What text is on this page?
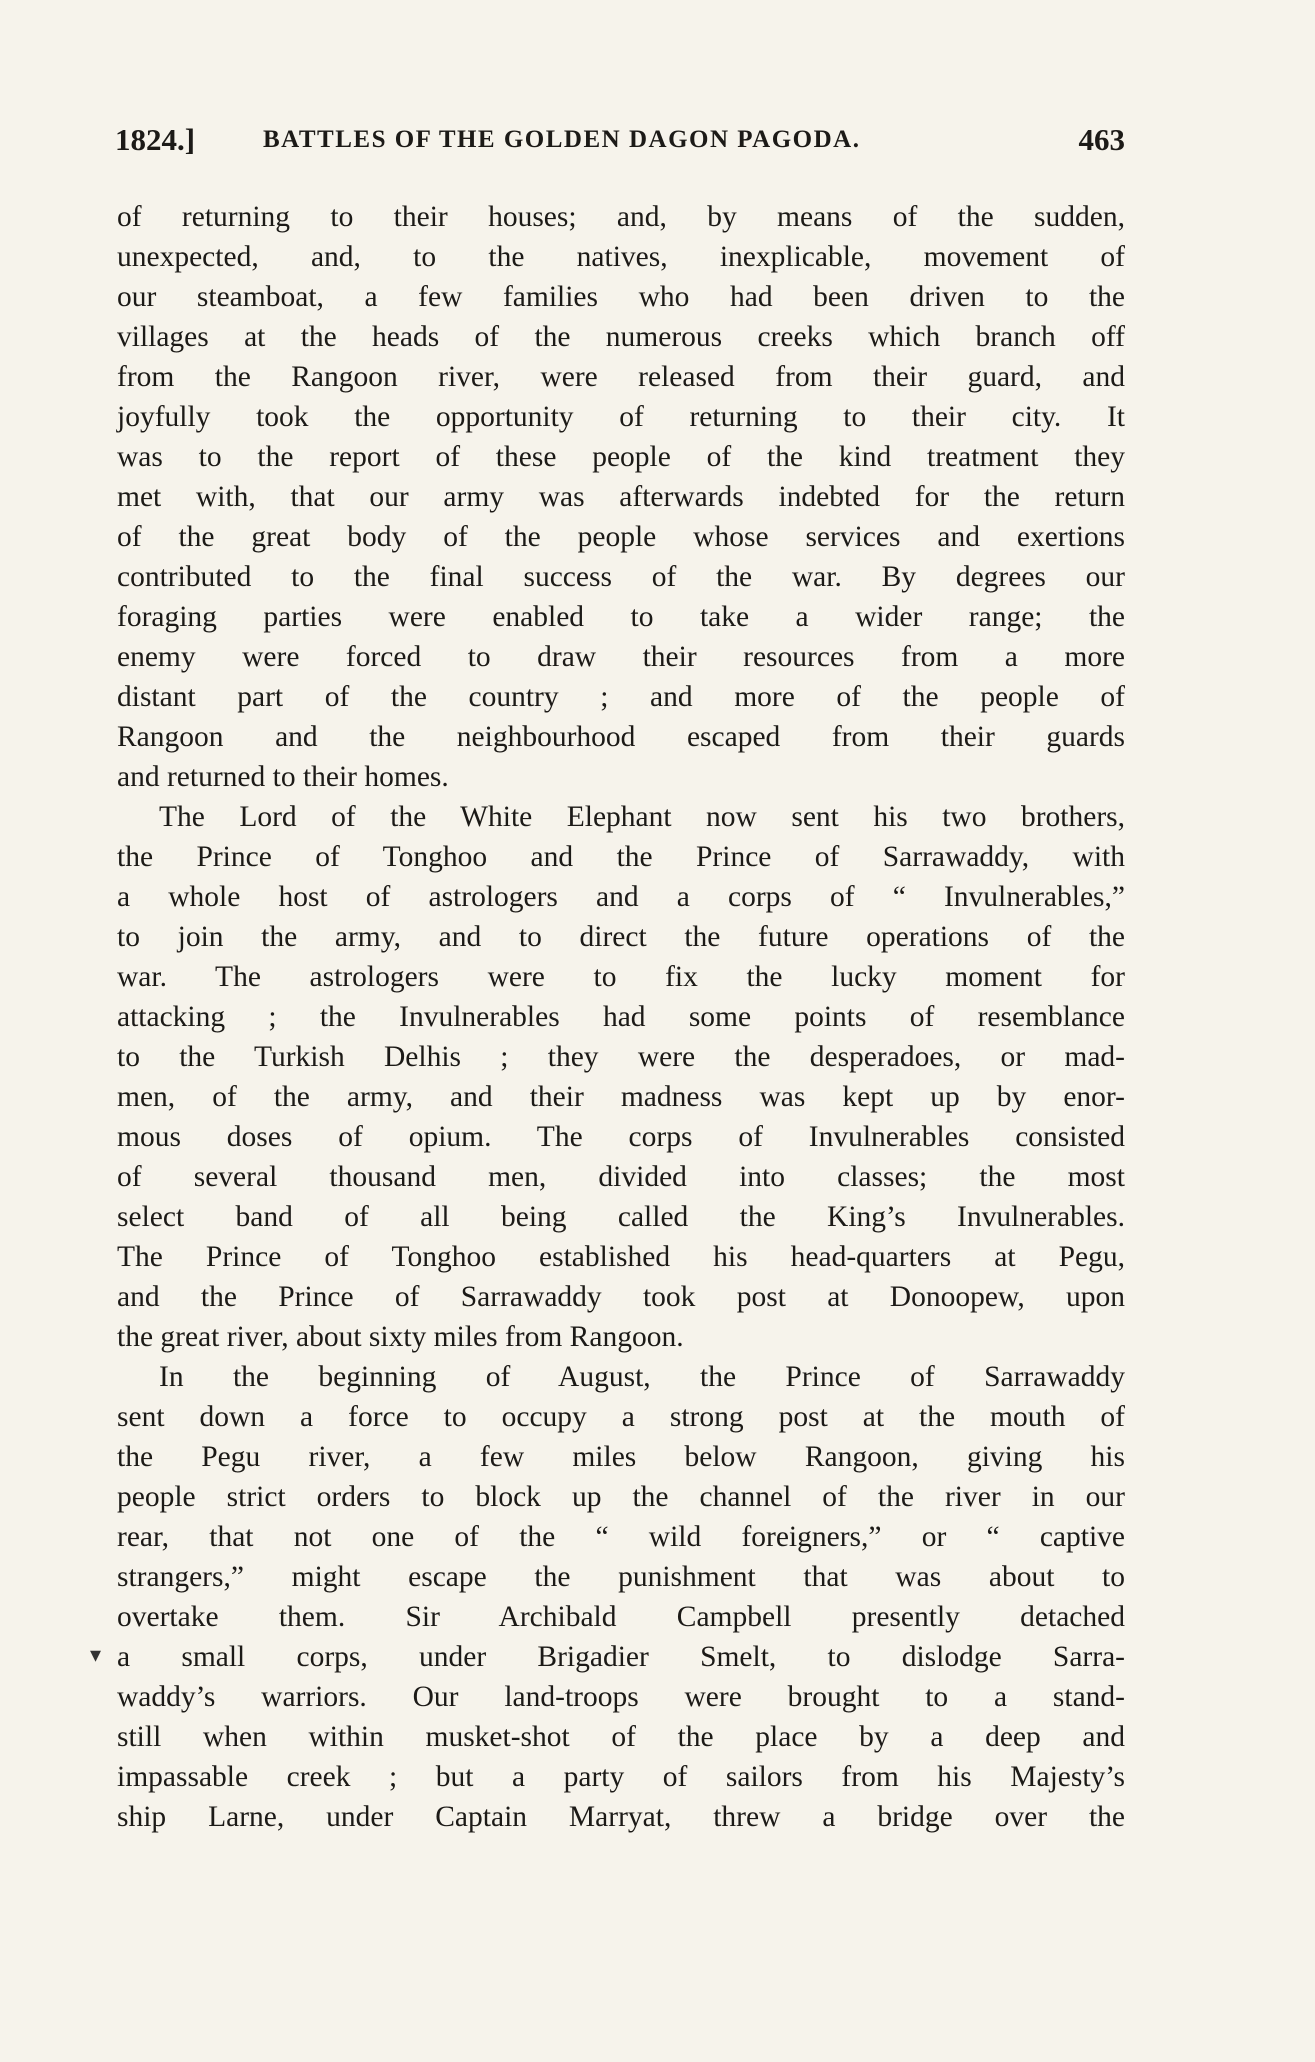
1824.]	BATTLES OF THE GOLDEN DAGON PAGODA.	463
of returning to their houses; and, by means of the sudden,
unexpected, and, to the natives, inexplicable, movement of
our steamboat, a few families who had been driven to the
villages at the heads of the numerous creeks which branch off
from the Rangoon river, were released from their guard, and
joyfully took the opportunity of returning to their city. It
was to the report of these people of the kind treatment they
met with, that our army was afterwards indebted for the return
of the great body of the people whose services and exertions
contributed to the final success of the war. By degrees our
foraging parties were enabled to take a wider range; the
enemy were forced to draw their resources from a more
distant part of the country ; and more of the people of
Rangoon and the neighbourhood escaped from their guards
and returned to their homes.
The Lord of the White Elephant now sent his two brothers,
the Prince of Tonghoo and the Prince of Sarrawaddy, with
a whole host of astrologers and a corps of “ Invulnerables,”
to join the army, and to direct the future operations of the
war. The astrologers were to fix the lucky moment for
attacking ; the Invulnerables had some points of resemblance
to the Turkish Delhis ; they were the desperadoes, or mad-
men, of the army, and their madness was kept up by enor-
mous doses of opium. The corps of Invulnerables consisted
of several thousand men, divided into classes; the most
select band of all being called the King’s Invulnerables.
The Prince of Tonghoo established his head-quarters at Pegu,
and the Prince of Sarrawaddy took post at Donoopew, upon
the great river, about sixty miles from Rangoon.
In the beginning of August, the Prince of Sarrawaddy
sent down a force to occupy a strong post at the mouth of
the Pegu river, a few miles below Rangoon, giving his
people strict orders to block up the channel of the river in our
rear, that not one of the “ wild foreigners,” or “ captive
strangers,” might escape the punishment that was about to
overtake them. Sir Archibald Campbell presently detached
a small corps, under Brigadier Smelt, to dislodge Sarra-
waddy’s warriors. Our land-troops were brought to a stand-
still when within musket-shot of the place by a deep and
impassable creek ; but a party of sailors from his Majesty’s
ship Larne, under Captain Marryat, threw a bridge over the
▾
